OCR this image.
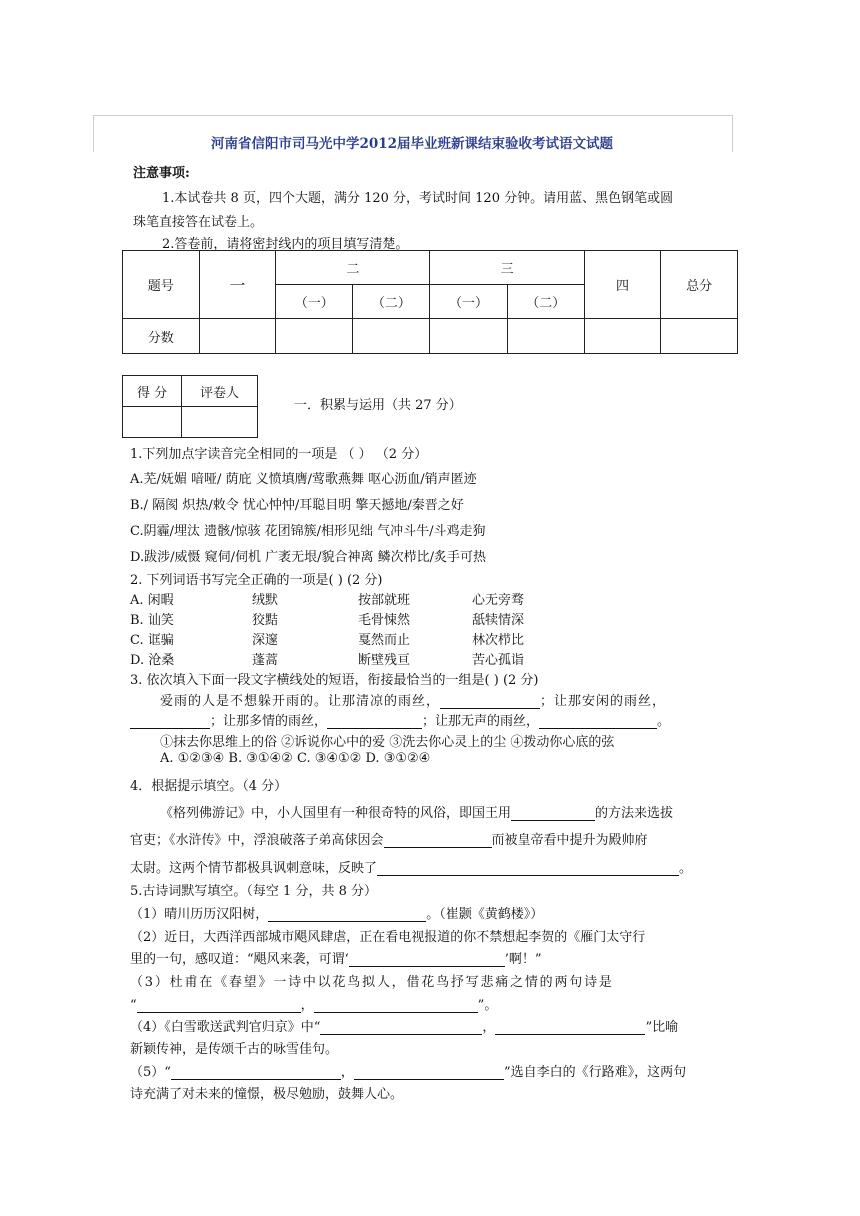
河南省信阳市司马光中学2012届毕业班新课结束验收考试语文试题
注意事项:
1.本试卷共 8 页，四个大题，满分 120 分，考试时间 120 分钟。请用蓝、黑色钢笔或圆
珠笔直接答在试卷上。
2.答卷前，请将密封线内的项目填写清楚。
题号	一	二		三		四	总分
		（一）	（二）	（一）	（二）		
分数							
得 分	评卷人

一．积累与运用（共 27 分）
1.下列加点字读音完全相同的一项是 （ ） （2 分）
A.芜/妩媚 喑哑/ 荫庇 义愤填膺/莺歌燕舞 呕心沥血/销声匿迹
B./ 隔阂 炽热/敕令 忧心忡忡/耳聪目明 擎天撼地/秦晋之好
C.阴霾/埋汰 遗骸/惊骇 花团锦簇/相形见绌 气冲斗牛/斗鸡走狗
D.跋涉/威慑 窥伺/伺机 广袤无垠/貌合神离 鳞次栉比/炙手可热
2. 下列词语书写完全正确的一项是( ) (2 分)
A. 闲暇	绒默	按部就班	心无旁骛
B. 讪笑	狡黠	毛骨悚然	舐犊情深
C. 诓骗	深邃	戛然而止	林次栉比
D. 沧桑	蓬蒿	断壁残亘	苦心孤诣
3. 依次填入下面一段文字横线处的短语，衔接最恰当的一组是( ) (2 分)
爱雨的人是不想躲开雨的。让那清凉的雨丝，	；让那安闲的雨丝，
；让那多情的雨丝，	；让那无声的雨丝，	。
①抹去你思维上的俗 ②诉说你心中的爱 ③洗去你心灵上的尘 ④拨动你心底的弦
A. ①②③④ B. ③①④② C. ③④①② D. ③①②④
4．根据提示填空。（4 分）
《格列佛游记》中，小人国里有一种很奇特的风俗，即国王用	的方法来选拔
官吏；《水浒传》中，浮浪破落子弟高俅因会	而被皇帝看中提升为殿帅府
太尉。这两个情节都极具讽刺意味，反映了	。
5.古诗词默写填空。（每空 1 分，共 8 分）
（1）晴川历历汉阳树，	。（崔颢《黄鹤楼》）
（2）近日，大西洋西部城市飓风肆虐，正在看电视报道的你不禁想起李贺的《雁门太守行
里的一句，感叹道：“飓风来袭，可谓‘	’啊！”
（3）杜甫在《春望》一诗中以花鸟拟人，借花鸟抒写悲痛之情的两句诗是
“	，	”。
（4）《白雪歌送武判官归京》中“	，	”比喻
新颖传神，是传颂千古的咏雪佳句。
（5）“	，	”选自李白的《行路难》，这两句
诗充满了对未来的憧憬，极尽勉励，鼓舞人心。
